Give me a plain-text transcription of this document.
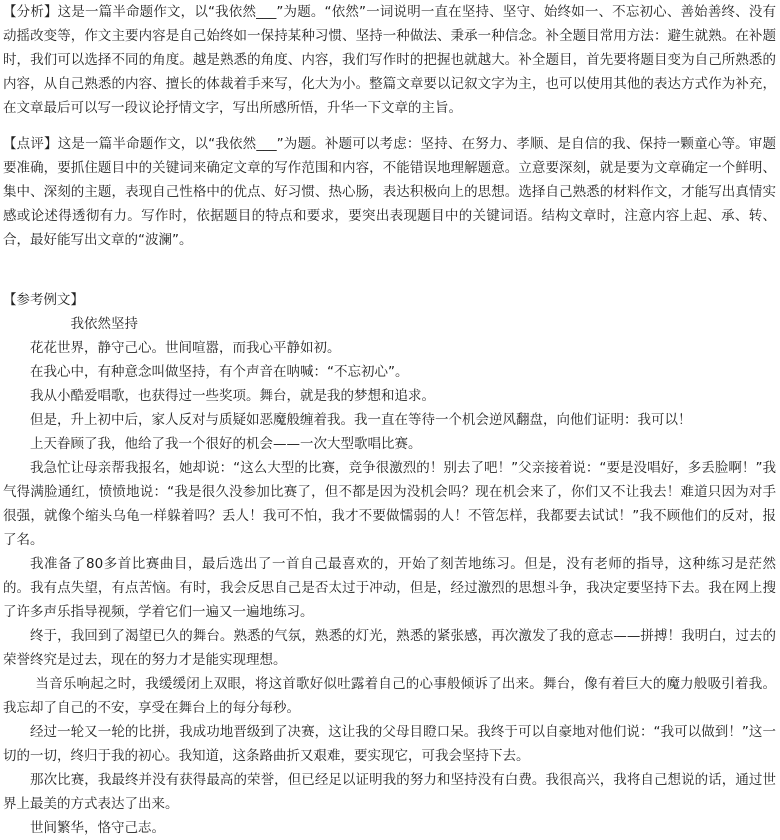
【分析】这是一篇半命题作文，以“我依然___”为题。“依然”一词说明一直在坚持、坚守、始终如一、不忘初心、善始善终、没有动摇改变等，作文主要内容是自己始终如一保持某种习惯、坚持一种做法、秉承一种信念。补全题目常用方法：避生就熟。在补题时，我们可以选择不同的角度。越是熟悉的角度、内容，我们写作时的把握也就越大。补全题目，首先要将题目变为自己所熟悉的内容，从自己熟悉的内容、擅长的体裁着手来写，化大为小。整篇文章要以记叙文字为主，也可以使用其他的表达方式作为补充，在文章最后可以写一段议论抒情文字，写出所感所悟，升华一下文章的主旨。

【点评】这是一篇半命题作文，以“我依然___”为题。补题可以考虑：坚持、在努力、孝顺、是自信的我、保持一颗童心等。审题要准确，要抓住题目中的关键词来确定文章的写作范围和内容，不能错误地理解题意。立意要深刻，就是要为文章确定一个鲜明、集中、深刻的主题，表现自己性格中的优点、好习惯、热心肠，表达积极向上的思想。选择自己熟悉的材料作文，才能写出真情实感或论述得透彻有力。写作时，依据题目的特点和要求，要突出表现题目中的关键词语。结构文章时，注意内容上起、承、转、合，最好能写出文章的“波澜”。

【参考例文】

我依然坚持

花花世界，静守己心。世间喧嚣，而我心平静如初。

在我心中，有种意念叫做坚持，有个声音在呐喊：“不忘初心”。

我从小酷爱唱歌，也获得过一些奖项。舞台，就是我的梦想和追求。

但是，升上初中后，家人反对与质疑如恶魔般缠着我。我一直在等待一个机会逆风翻盘，向他们证明：我可以！

上天眷顾了我，他给了我一个很好的机会——一次大型歌唱比赛。

我急忙让母亲帮我报名，她却说：“这么大型的比赛，竞争很激烈的！别去了吧！”父亲接着说：“要是没唱好，多丢脸啊！”我气得满脸通红，愤愤地说：“我是很久没参加比赛了，但不都是因为没机会吗？现在机会来了，你们又不让我去！难道只因为对手很强，就像个缩头乌龟一样躲着吗？丢人！我可不怕，我才不要做懦弱的人！不管怎样，我都要去试试！”我不顾他们的反对，报了名。

我准备了80多首比赛曲目，最后选出了一首自己最喜欢的，开始了刻苦地练习。但是，没有老师的指导，这种练习是茫然的。我有点失望，有点苦恼。有时，我会反思自己是否太过于冲动，但是，经过激烈的思想斗争，我决定要坚持下去。我在网上搜了许多声乐指导视频，学着它们一遍又一遍地练习。

终于，我回到了渴望已久的舞台。熟悉的气氛，熟悉的灯光，熟悉的紧张感，再次激发了我的意志——拼搏！我明白，过去的荣誉终究是过去，现在的努力才是能实现理想。

当音乐响起之时，我缓缓闭上双眼，将这首歌好似吐露着自己的心事般倾诉了出来。舞台，像有着巨大的魔力般吸引着我。我忘却了自己的不安，享受在舞台上的每分每秒。

经过一轮又一轮的比拼，我成功地晋级到了决赛，这让我的父母目瞪口呆。我终于可以自豪地对他们说：“我可以做到！”这一切的一切，终归于我的初心。我知道，这条路曲折又艰难，要实现它，可我会坚持下去。

那次比赛，我最终并没有获得最高的荣誉，但已经足以证明我的努力和坚持没有白费。我很高兴，我将自己想说的话，通过世界上最美的方式表达了出来。

世间繁华，恪守己志。
